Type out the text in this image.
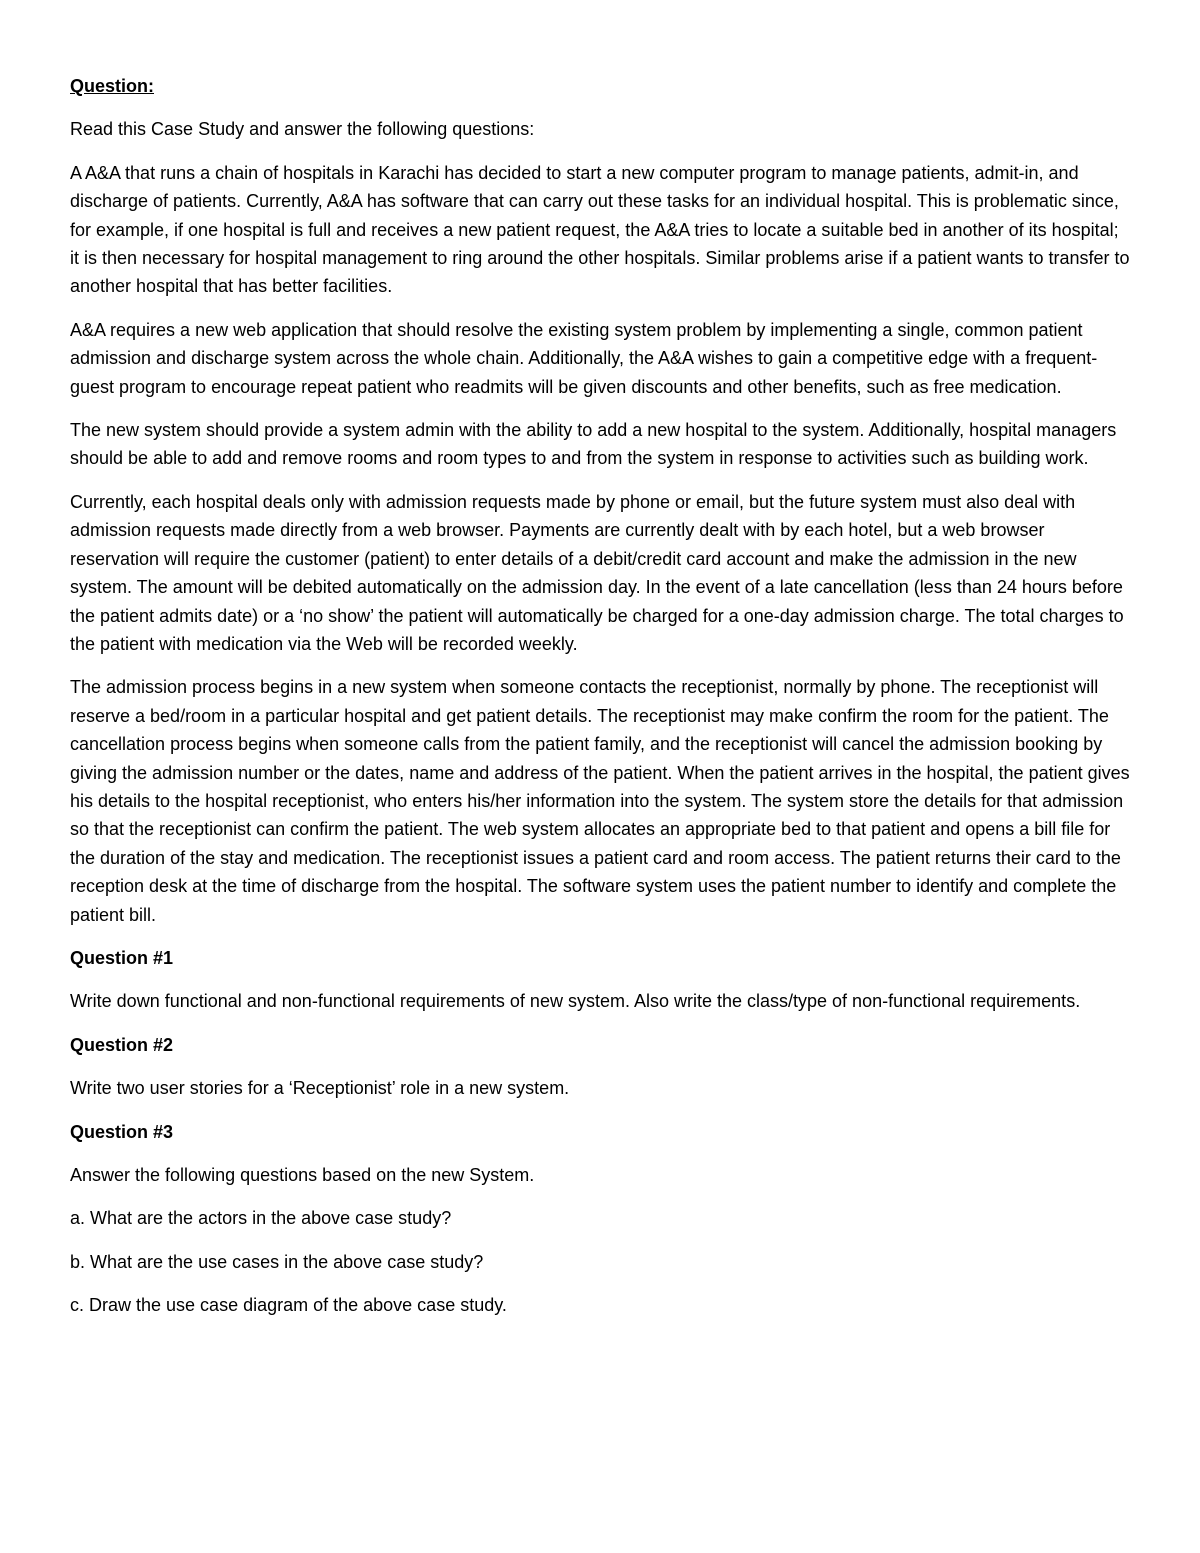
Question:

Read this Case Study and answer the following questions:

A A&A that runs a chain of hospitals in Karachi has decided to start a new computer program to manage patients, admit-in, and discharge of patients. Currently, A&A has software that can carry out these tasks for an individual hospital. This is problematic since, for example, if one hospital is full and receives a new patient request, the A&A tries to locate a suitable bed in another of its hospital; it is then necessary for hospital management to ring around the other hospitals. Similar problems arise if a patient wants to transfer to another hospital that has better facilities.

A&A requires a new web application that should resolve the existing system problem by implementing a single, common patient admission and discharge system across the whole chain. Additionally, the A&A wishes to gain a competitive edge with a frequent-guest program to encourage repeat patient who readmits will be given discounts and other benefits, such as free medication.

The new system should provide a system admin with the ability to add a new hospital to the system. Additionally, hospital managers should be able to add and remove rooms and room types to and from the system in response to activities such as building work.

Currently, each hospital deals only with admission requests made by phone or email, but the future system must also deal with admission requests made directly from a web browser. Payments are currently dealt with by each hotel, but a web browser reservation will require the customer (patient) to enter details of a debit/credit card account and make the admission in the new system. The amount will be debited automatically on the admission day. In the event of a late cancellation (less than 24 hours before the patient admits date) or a ‘no show’ the patient will automatically be charged for a one-day admission charge. The total charges to the patient with medication via the Web will be recorded weekly.

The admission process begins in a new system when someone contacts the receptionist, normally by phone. The receptionist will reserve a bed/room in a particular hospital and get patient details. The receptionist may make confirm the room for the patient. The cancellation process begins when someone calls from the patient family, and the receptionist will cancel the admission booking by giving the admission number or the dates, name and address of the patient. When the patient arrives in the hospital, the patient gives his details to the hospital receptionist, who enters his/her information into the system. The system store the details for that admission so that the receptionist can confirm the patient. The web system allocates an appropriate bed to that patient and opens a bill file for the duration of the stay and medication. The receptionist issues a patient card and room access. The patient returns their card to the reception desk at the time of discharge from the hospital. The software system uses the patient number to identify and complete the patient bill.

Question #1

Write down functional and non-functional requirements of new system. Also write the class/type of non-functional requirements.

Question #2

Write two user stories for a ‘Receptionist’ role in a new system.

Question #3

Answer the following questions based on the new System.

a. What are the actors in the above case study?

b. What are the use cases in the above case study?

c. Draw the use case diagram of the above case study.
